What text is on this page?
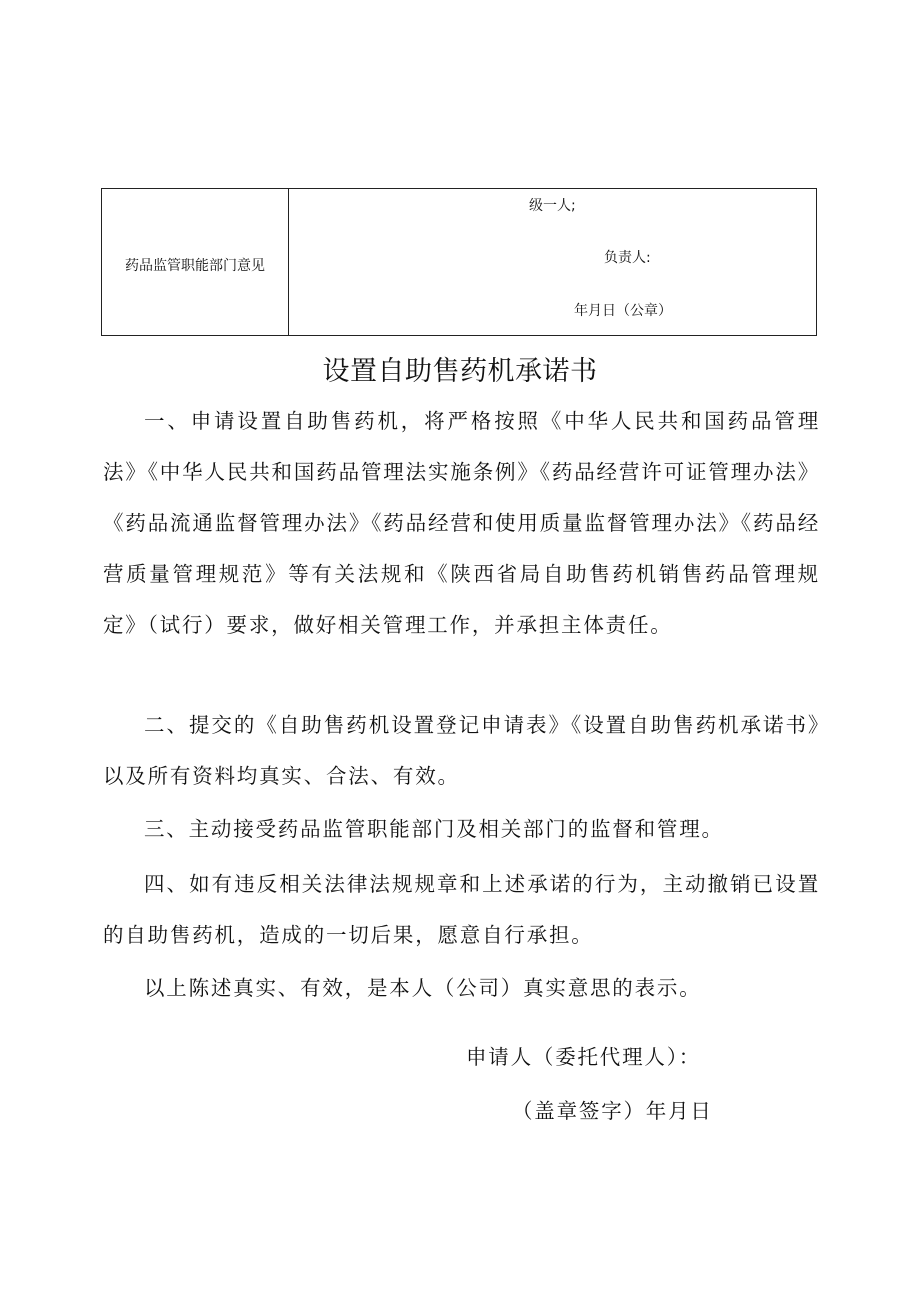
药品监管职能部门意见
级一人;
负责人:
年月日（公章）
设置自助售药机承诺书

一、申请设置自助售药机，将严格按照《中华人民共和国药品管理法》《中华人民共和国药品管理法实施条例》《药品经营许可证管理办法》《药品流通监督管理办法》《药品经营和使用质量监督管理办法》《药品经营质量管理规范》等有关法规和《陕西省局自助售药机销售药品管理规定》（试行）要求，做好相关管理工作，并承担主体责任。

二、提交的《自助售药机设置登记申请表》《设置自助售药机承诺书》以及所有资料均真实、合法、有效。

三、主动接受药品监管职能部门及相关部门的监督和管理。

四、如有违反相关法律法规规章和上述承诺的行为，主动撤销已设置的自助售药机，造成的一切后果，愿意自行承担。

以上陈述真实、有效，是本人（公司）真实意思的表示。

申请人（委托代理人）：
（盖章签字）年月日
